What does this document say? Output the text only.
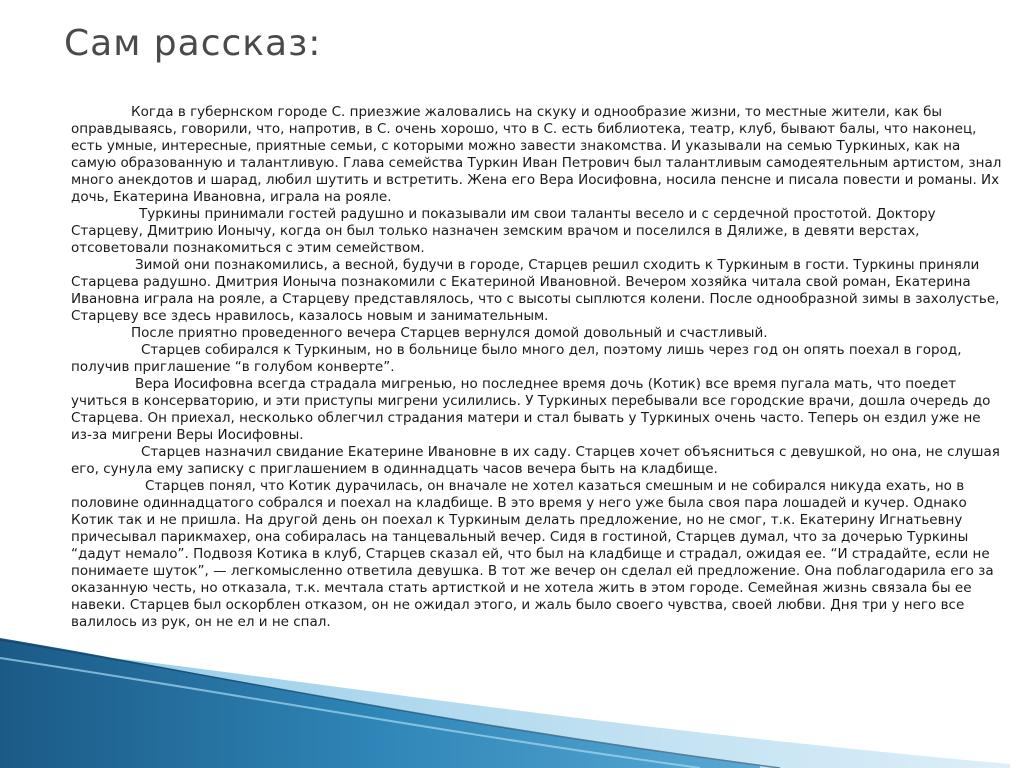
Сам рассказ:

Когда в губернском городе С. приезжие жаловались на скуку и однообразие жизни, то местные жители, как бы оправдываясь, говорили, что, напротив, в С. очень хорошо, что в С. есть библиотека, театр, клуб, бывают балы, что наконец, есть умные, интересные, приятные семьи, с которыми можно завести знакомства. И указывали на семью Туркиных, как на самую образованную и талантливую. Глава семейства Туркин Иван Петрович был талантливым самодеятельным артистом, знал много анекдотов и шарад, любил шутить и встретить. Жена его Вера Иосифовна, носила пенсне и писала повести и романы. Их дочь, Екатерина Ивановна, играла на рояле.

Туркины принимали гостей радушно и показывали им свои таланты весело и с сердечной простотой. Доктору Старцеву, Дмитрию Ионычу, когда он был только назначен земским врачом и поселился в Дялиже, в девяти верстах, отсоветовали познакомиться с этим семейством.

Зимой они познакомились, а весной, будучи в городе, Старцев решил сходить к Туркиным в гости. Туркины приняли Старцева радушно. Дмитрия Ионыча познакомили с Екатериной Ивановной. Вечером хозяйка читала свой роман, Екатерина Ивановна играла на рояле, а Старцеву представлялось, что с высоты сыплются колени. После однообразной зимы в захолустье, Старцеву все здесь нравилось, казалось новым и занимательным.

После приятно проведенного вечера Старцев вернулся домой довольный и счастливый.

Старцев собирался к Туркиным, но в больнице было много дел, поэтому лишь через год он опять поехал в город, получив приглашение “в голубом конверте”.

Вера Иосифовна всегда страдала мигренью, но последнее время дочь (Котик) все время пугала мать, что поедет учиться в консерваторию, и эти приступы мигрени усилились. У Туркиных перебывали все городские врачи, дошла очередь до Старцева. Он приехал, несколько облегчил страдания матери и стал бывать у Туркиных очень часто. Теперь он ездил уже не из-за мигрени Веры Иосифовны.

Старцев назначил свидание Екатерине Ивановне в их саду. Старцев хочет объясниться с девушкой, но она, не слушая его, сунула ему записку с приглашением в одиннадцать часов вечера быть на кладбище.

Старцев понял, что Котик дурачилась, он вначале не хотел казаться смешным и не собирался никуда ехать, но в половине одиннадцатого собрался и поехал на кладбище. В это время у него уже была своя пара лошадей и кучер. Однако Котик так и не пришла. На другой день он поехал к Туркиным делать предложение, но не смог, т.к. Екатерину Игнатьевну причесывал парикмахер, она собиралась на танцевальный вечер. Сидя в гостиной, Старцев думал, что за дочерью Туркины “дадут немало”. Подвозя Котика в клуб, Старцев сказал ей, что был на кладбище и страдал, ожидая ее. “И страдайте, если не понимаете шуток”, — легкомысленно ответила девушка. В тот же вечер он сделал ей предложение. Она поблагодарила его за оказанную честь, но отказала, т.к. мечтала стать артисткой и не хотела жить в этом городе. Семейная жизнь связала бы ее навеки. Старцев был оскорблен отказом, он не ожидал этого, и жаль было своего чувства, своей любви. Дня три у него все валилось из рук, он не ел и не спал.
